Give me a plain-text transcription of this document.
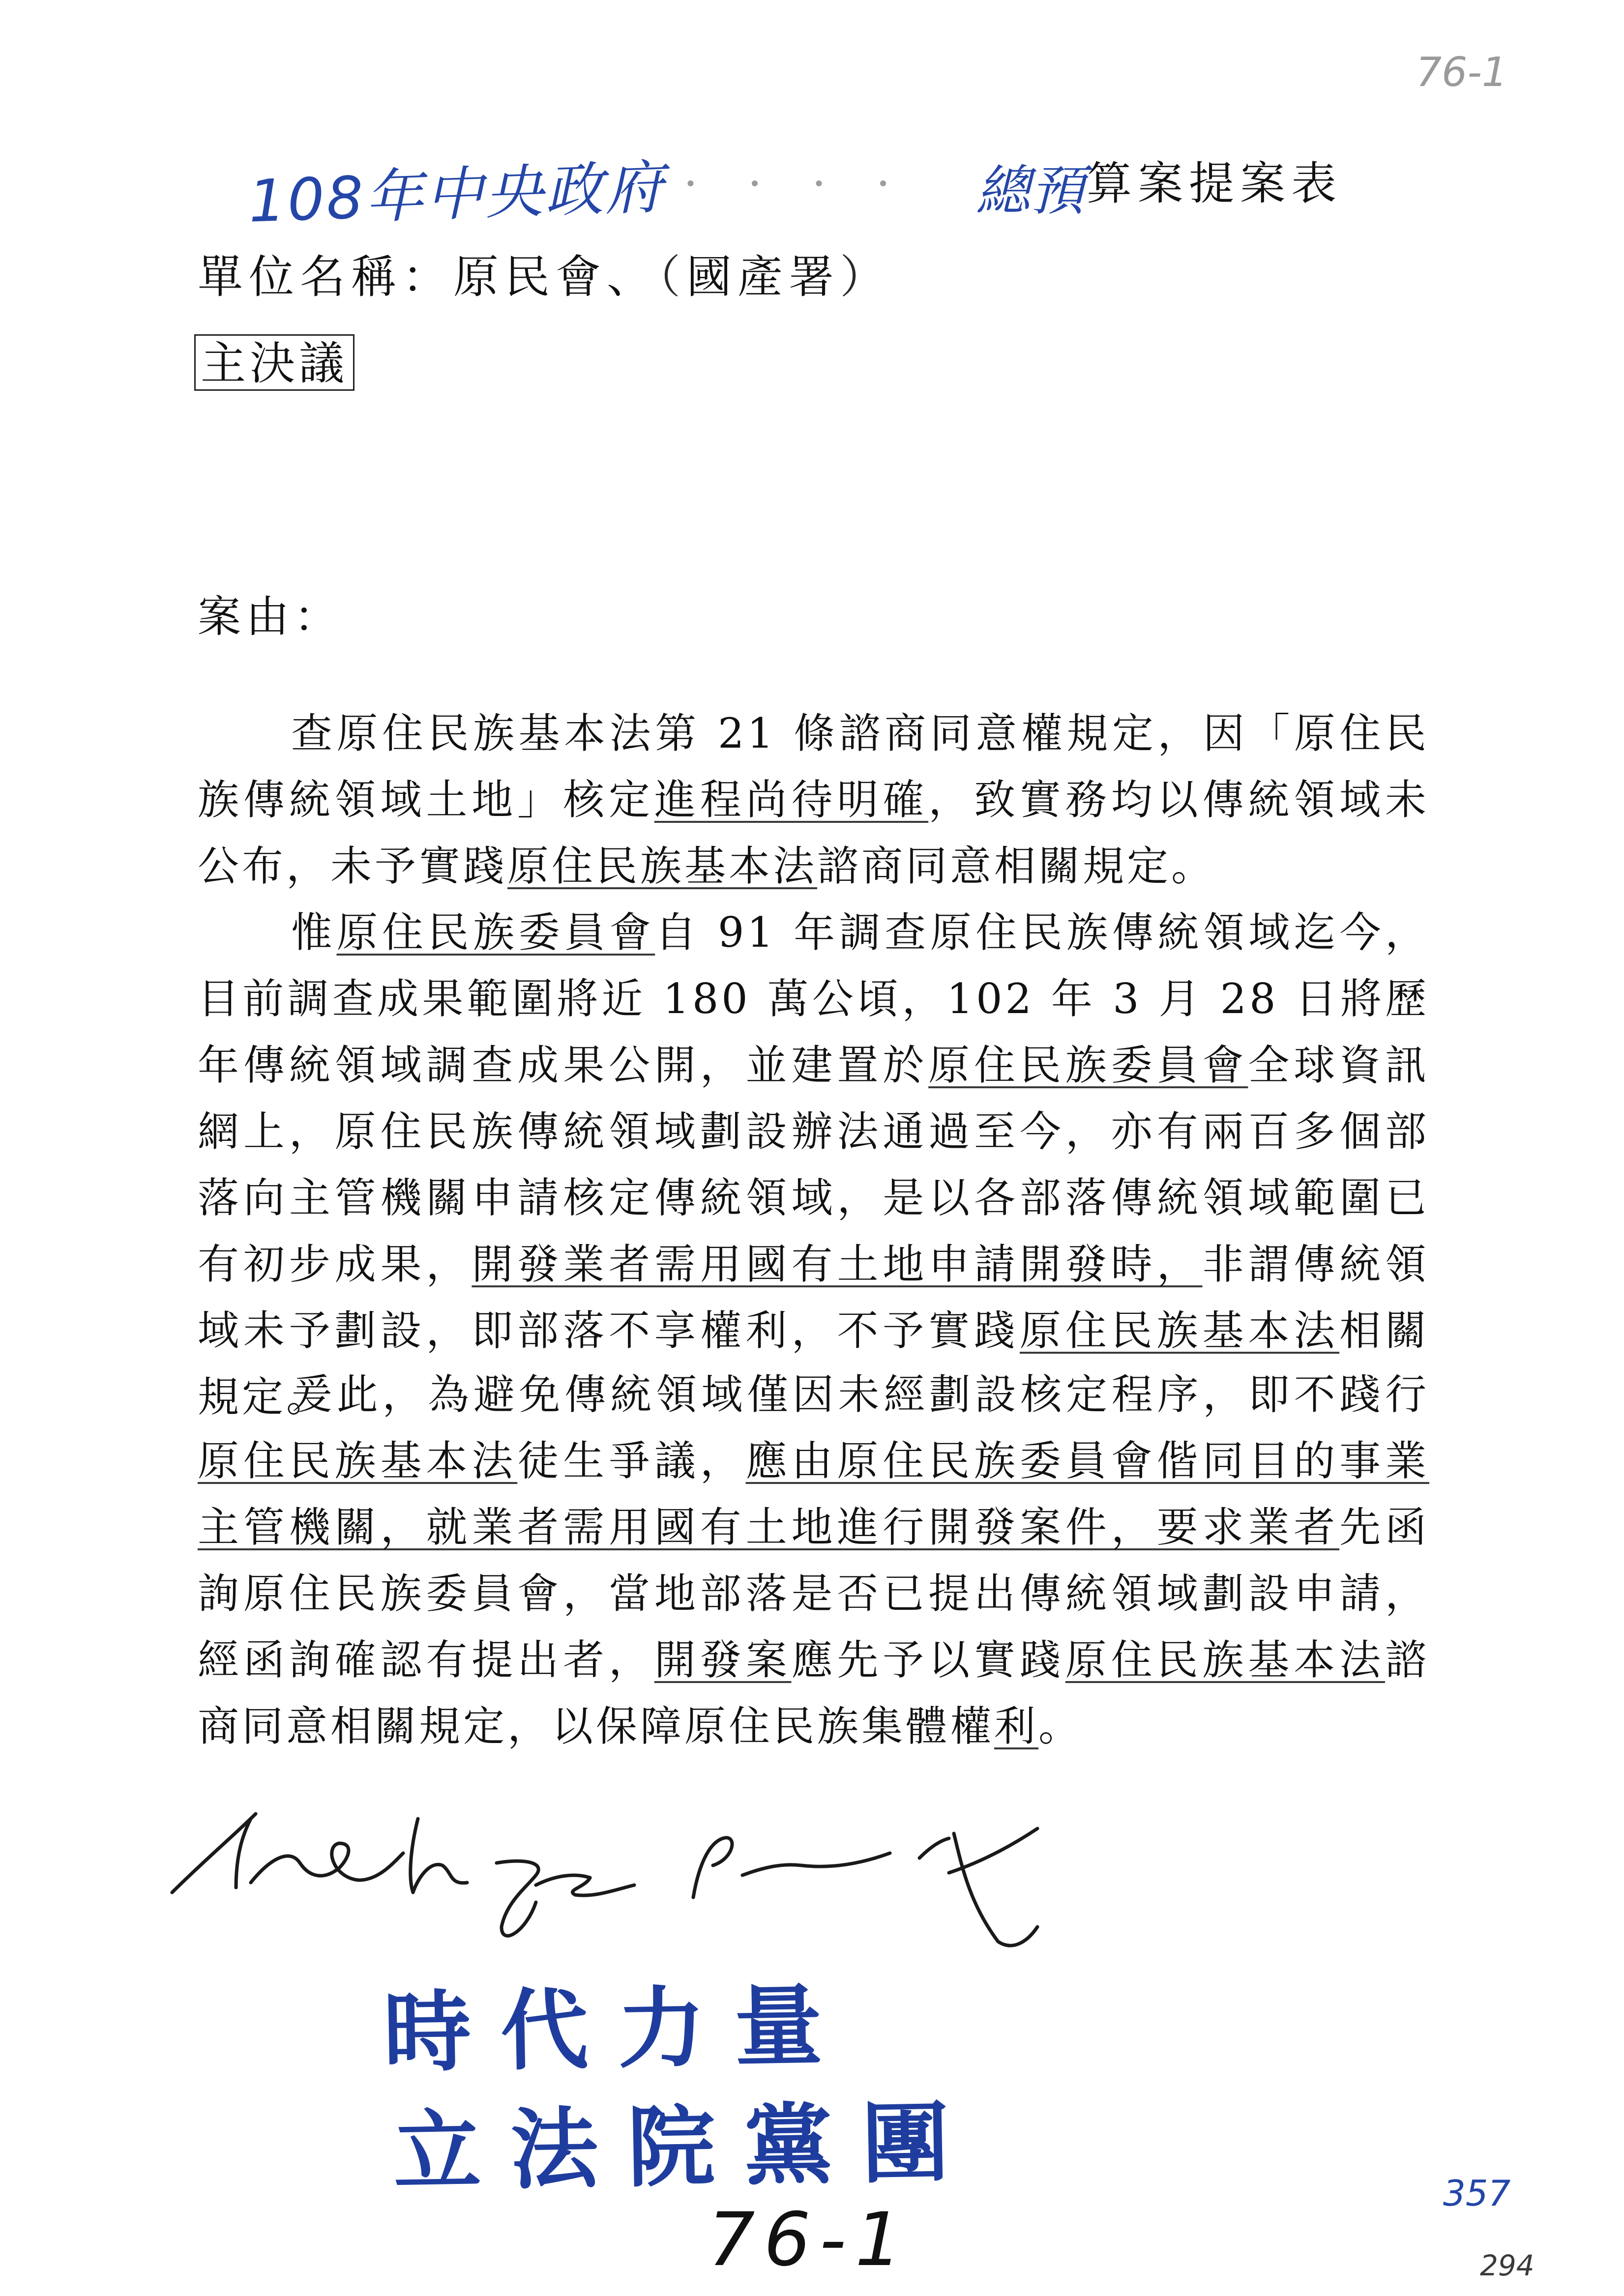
76-1
108年中央政府 · · · · 總預 算案提案表
單位名稱：原民會、（國產署）
主決議
案由：

查原住民族基本法第 21 條諮商同意權規定，因「原住民族傳統領域土地」核定進程尚待明確，致實務均以傳統領域未公布，未予實踐原住民族基本法諮商同意相關規定。

惟原住民族委員會自 91 年調查原住民族傳統領域迄今，目前調查成果範圍將近 180 萬公頃，102 年 3 月 28 日將歷年傳統領域調查成果公開，並建置於原住民族委員會全球資訊網上，原住民族傳統領域劃設辦法通過至今，亦有兩百多個部落向主管機關申請核定傳統領域，是以各部落傳統領域範圍已有初步成果，開發業者需用國有土地申請開發時，非謂傳統領域未予劃設，即部落不享權利，不予實踐原住民族基本法相關規定。

爰此，為避免傳統領域僅因未經劃設核定程序，即不踐行原住民族基本法徒生爭議，應由原住民族委員會偕同目的事業主管機關，就業者需用國有土地進行開發案件，要求業者先函詢原住民族委員會，當地部落是否已提出傳統領域劃設申請，經函詢確認有提出者，開發案應先予以實踐原住民族基本法諮商同意相關規定，以保障原住民族集體權利。

時代力量
立法院黨團
76-1
357
294
